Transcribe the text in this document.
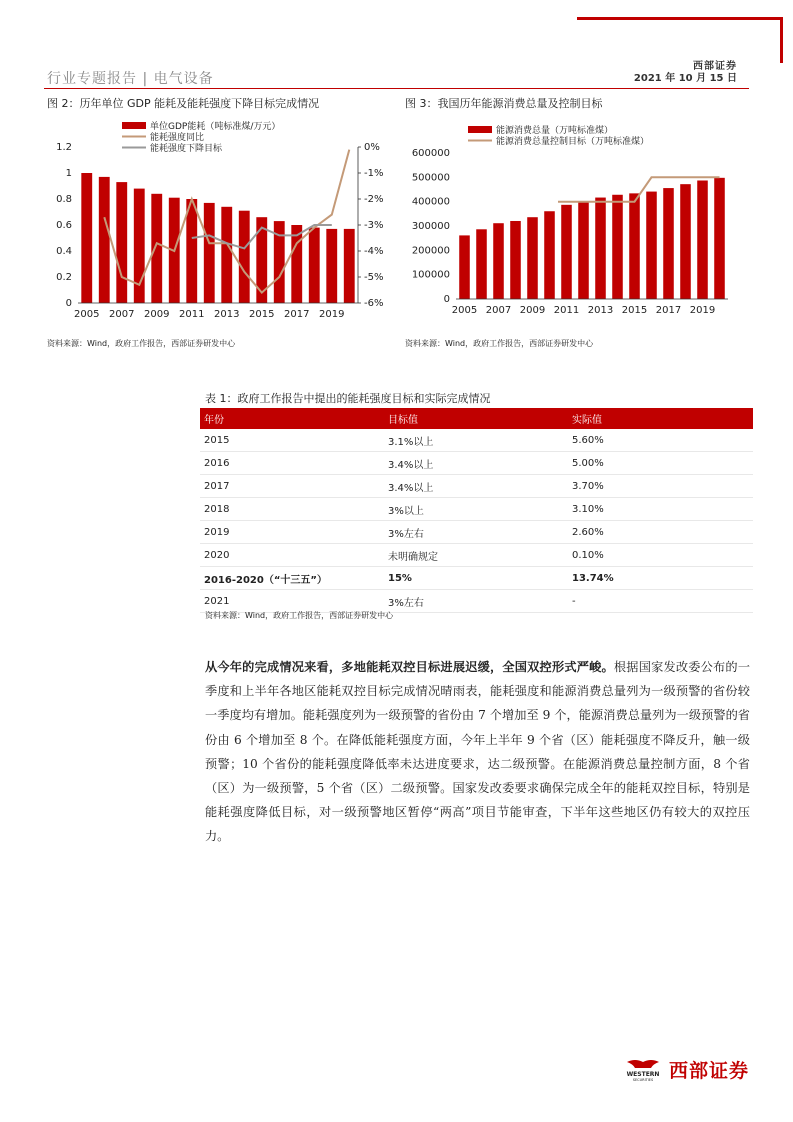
西部证券
2021 年 10 月 15 日
行业专题报告 | 电气设备
图 2：历年单位 GDP 能耗及能耗强度下降目标完成情况
0
0.2
0.4
0.6
0.8
1
1.2	0%
-1%
-2%
-3%
-4%
-5%
-6%
2005 2007 2009 2011 2013 2015 2017 2019
单位GDP能耗（吨标准煤/万元）
能耗强度同比
能耗强度下降目标
资料来源：Wind，政府工作报告，西部证券研发中心
图 3：我国历年能源消费总量及控制目标
0
100000
200000
300000
400000
500000
600000
2005 2007 2009 2011 2013 2015 2017 2019
能源消费总量（万吨标准煤）
能源消费总量控制目标（万吨标准煤）
资料来源：Wind，政府工作报告，西部证券研发中心
表 1：政府工作报告中提出的能耗强度目标和实际完成情况
年份	目标值	实际值
2015	3.1%以上	5.60%
2016	3.4%以上	5.00%
2017	3.4%以上	3.70%
2018	3%以上	3.10%
2019	3%左右	2.60%
2020	未明确规定	0.10%
2016-2020（“十三五”）	15%	13.74%
2021	3%左右	-
资料来源：Wind，政府工作报告，西部证券研发中心
从今年的完成情况来看，多地能耗双控目标进展迟缓，全国双控形式严峻。根据国家发改委公布的一季度和上半年各地区能耗双控目标完成情况晴雨表，能耗强度和能源消费总量列为一级预警的省份较一季度均有增加。能耗强度列为一级预警的省份由 7 个增加至 9 个，能源消费总量列为一级预警的省份由 6 个增加至 8 个。在降低能耗强度方面，今年上半年 9 个省（区）能耗强度不降反升，触一级预警；10 个省份的能耗强度降低率未达进度要求，达二级预警。在能源消费总量控制方面，8 个省（区）为一级预警，5 个省（区）二级预警。国家发改委要求确保完成全年的能耗双控目标，特别是能耗强度降低目标，对一级预警地区暂停“两高”项目节能审查，下半年这些地区仍有较大的双控压力。
WESTERN
SECURITIES 西部证券
